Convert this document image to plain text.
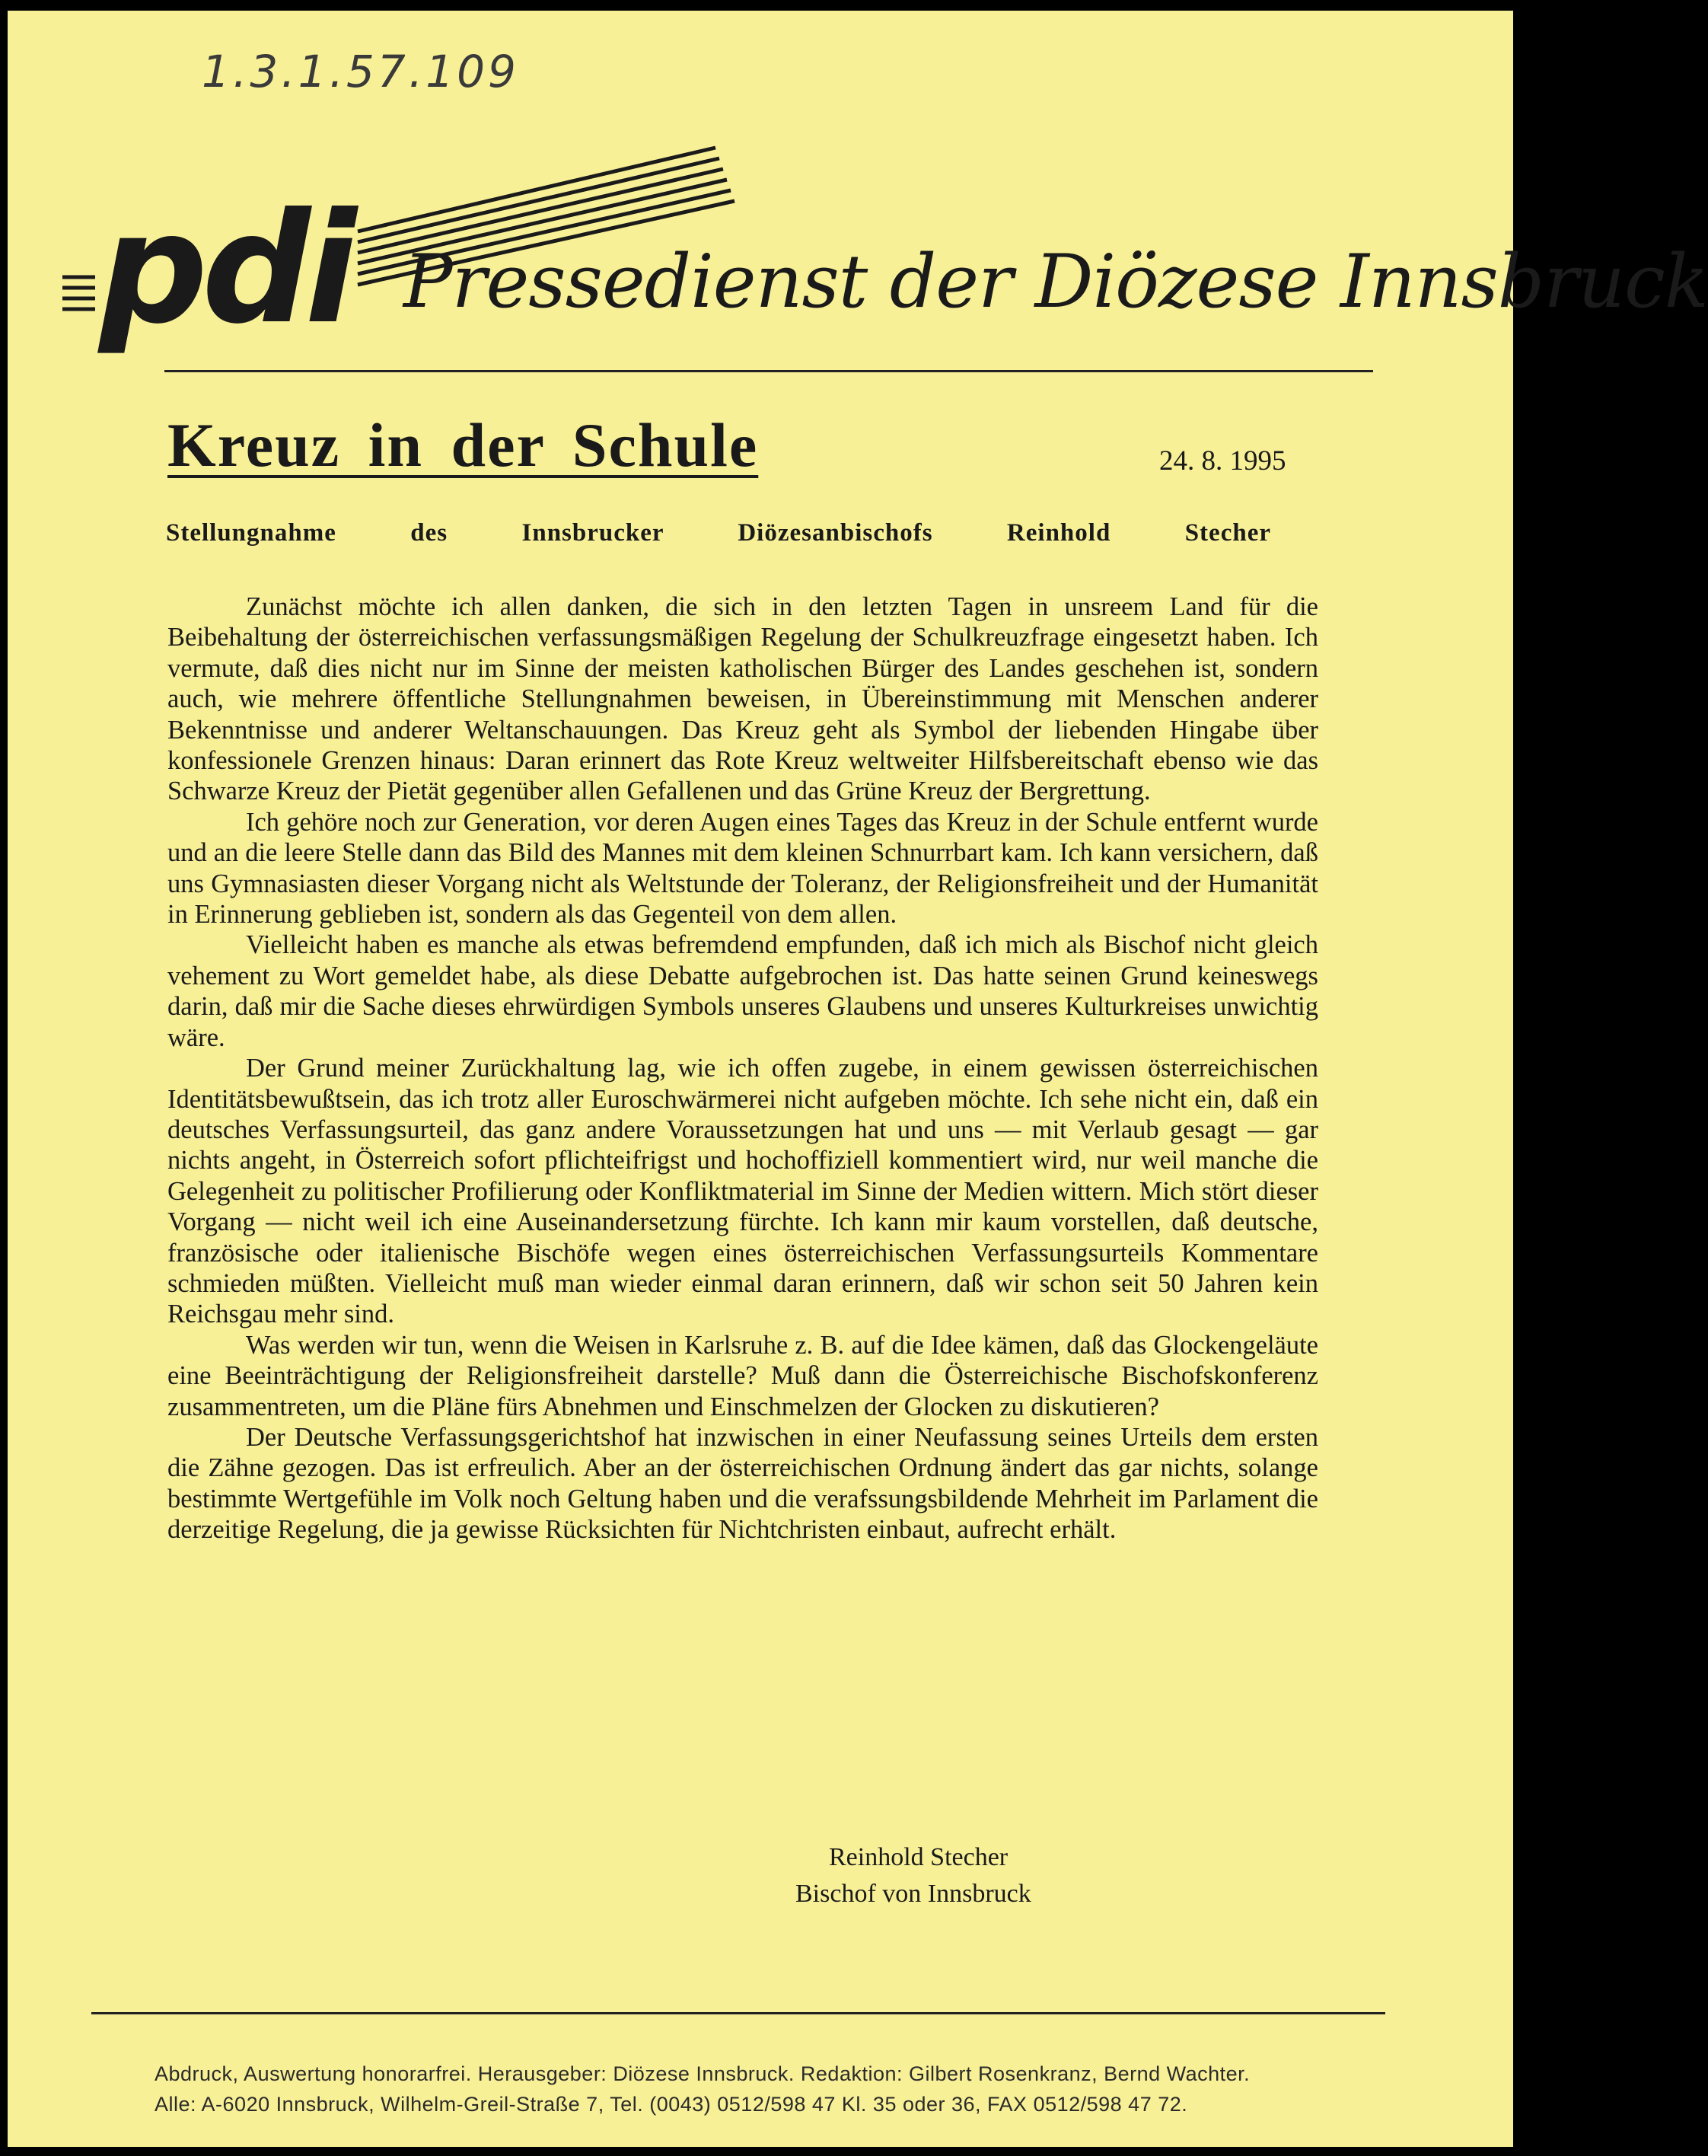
1.3.1.57.109
pdi Pressedienst der Diözese Innsbruck
Kreuz in der Schule	24. 8. 1995
Stellungnahme des Innsbrucker Diözesanbischofs Reinhold Stecher

Zunächst möchte ich allen danken, die sich in den letzten Tagen in unsreem Land für die Beibehaltung der österreichischen verfassungsmäßigen Regelung der Schulkreuzfrage eingesetzt haben. Ich vermute, daß dies nicht nur im Sinne der meisten katholischen Bürger des Landes geschehen ist, sondern auch, wie mehrere öffentliche Stellungnahmen beweisen, in Übereinstimmung mit Menschen anderer Bekenntnisse und anderer Weltanschauungen. Das Kreuz geht als Symbol der liebenden Hingabe über konfessionele Grenzen hinaus: Daran erinnert das Rote Kreuz weltweiter Hilfsbereitschaft ebenso wie das Schwarze Kreuz der Pietät gegenüber allen Gefallenen und das Grüne Kreuz der Bergrettung.

Ich gehöre noch zur Generation, vor deren Augen eines Tages das Kreuz in der Schule entfernt wurde und an die leere Stelle dann das Bild des Mannes mit dem kleinen Schnurrbart kam. Ich kann versichern, daß uns Gymnasiasten dieser Vorgang nicht als Weltstunde der Toleranz, der Religionsfreiheit und der Humanität in Erinnerung geblieben ist, sondern als das Gegenteil von dem allen.

Vielleicht haben es manche als etwas befremdend empfunden, daß ich mich als Bischof nicht gleich vehement zu Wort gemeldet habe, als diese Debatte aufgebrochen ist. Das hatte seinen Grund keineswegs darin, daß mir die Sache dieses ehrwürdigen Symbols unseres Glaubens und unseres Kulturkreises unwichtig wäre.

Der Grund meiner Zurückhaltung lag, wie ich offen zugebe, in einem gewissen österreichischen Identitätsbewußtsein, das ich trotz aller Euroschwärmerei nicht aufgeben möchte. Ich sehe nicht ein, daß ein deutsches Verfassungsurteil, das ganz andere Voraussetzungen hat und uns — mit Verlaub gesagt — gar nichts angeht, in Österreich sofort pflichteifrigst und hochoffiziell kommentiert wird, nur weil manche die Gelegenheit zu politischer Profilierung oder Konfliktmaterial im Sinne der Medien wittern. Mich stört dieser Vorgang — nicht weil ich eine Auseinandersetzung fürchte. Ich kann mir kaum vorstellen, daß deutsche, französische oder italienische Bischöfe wegen eines österreichischen Verfassungsurteils Kommentare schmieden müßten. Vielleicht muß man wieder einmal daran erinnern, daß wir schon seit 50 Jahren kein Reichsgau mehr sind.

Was werden wir tun, wenn die Weisen in Karlsruhe z. B. auf die Idee kämen, daß das Glockengeläute eine Beeinträchtigung der Religionsfreiheit darstelle? Muß dann die Österreichische Bischofskonferenz zusammentreten, um die Pläne fürs Abnehmen und Einschmelzen der Glocken zu diskutieren?

Der Deutsche Verfassungsgerichtshof hat inzwischen in einer Neufassung seines Urteils dem ersten die Zähne gezogen. Das ist erfreulich. Aber an der österreichischen Ordnung ändert das gar nichts, solange bestimmte Wertgefühle im Volk noch Geltung haben und die verafssungsbildende Mehrheit im Parlament die derzeitige Regelung, die ja gewisse Rücksichten für Nichtchristen einbaut, aufrecht erhält.

Reinhold Stecher
Bischof von Innsbruck
Abdruck, Auswertung honorarfrei. Herausgeber: Diözese Innsbruck. Redaktion: Gilbert Rosenkranz, Bernd Wachter.
Alle: A-6020 Innsbruck, Wilhelm-Greil-Straße 7, Tel. (0043) 0512/598 47 Kl. 35 oder 36, FAX 0512/598 47 72.
